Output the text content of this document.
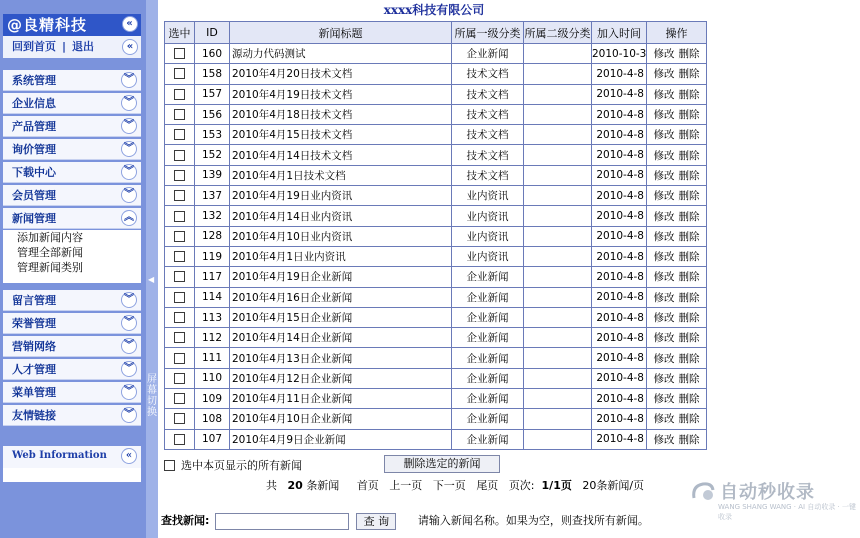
@良精科技	«
回到首页 | 退出	«
系统管理	︾
企业信息	︾
产品管理	︾
询价管理	︾
下载中心	︾
会员管理	︾
新闻管理	︽
留言管理	︾
荣誉管理	︾
营销网络	︾
人才管理	︾
菜单管理	︾
友情链接	︾
添加新闻内容
管理全部新闻
管理新闻类别
Web Information	«
◀
屏
幕
切
换
xxxx科技有限公司
选中	ID	新闻标题	所属一级分类	所属二级分类	加入时间	操作
	160	源动力代码测试	企业新闻		2010-10-3	修改 删除
	158	2010年4月20日技术文档	技术文档		2010-4-8	修改 删除
	157	2010年4月19日技术文档	技术文档		2010-4-8	修改 删除
	156	2010年4月18日技术文档	技术文档		2010-4-8	修改 删除
	153	2010年4月15日技术文档	技术文档		2010-4-8	修改 删除
	152	2010年4月14日技术文档	技术文档		2010-4-8	修改 删除
	139	2010年4月1日技术文档	技术文档		2010-4-8	修改 删除
	137	2010年4月19日业内资讯	业内资讯		2010-4-8	修改 删除
	132	2010年4月14日业内资讯	业内资讯		2010-4-8	修改 删除
	128	2010年4月10日业内资讯	业内资讯		2010-4-8	修改 删除
	119	2010年4月1日业内资讯	业内资讯		2010-4-8	修改 删除
	117	2010年4月19日企业新闻	企业新闻		2010-4-8	修改 删除
	114	2010年4月16日企业新闻	企业新闻		2010-4-8	修改 删除
	113	2010年4月15日企业新闻	企业新闻		2010-4-8	修改 删除
	112	2010年4月14日企业新闻	企业新闻		2010-4-8	修改 删除
	111	2010年4月13日企业新闻	企业新闻		2010-4-8	修改 删除
	110	2010年4月12日企业新闻	企业新闻		2010-4-8	修改 删除
	109	2010年4月11日企业新闻	企业新闻		2010-4-8	修改 删除
	108	2010年4月10日企业新闻	企业新闻		2010-4-8	修改 删除
	107	2010年4月9日企业新闻	企业新闻		2010-4-8	修改 删除
选中本页显示的所有新闻	删除选定的新闻
共 20 条新闻 首页 上一页 下一页 尾页 页次: 1/1页 20条新闻/页
查找新闻:	查 询	请输入新闻名称。如果为空，则查找所有新闻。
自动秒收录
WANG SHANG WANG · AI 自动收录 · 一键收录
